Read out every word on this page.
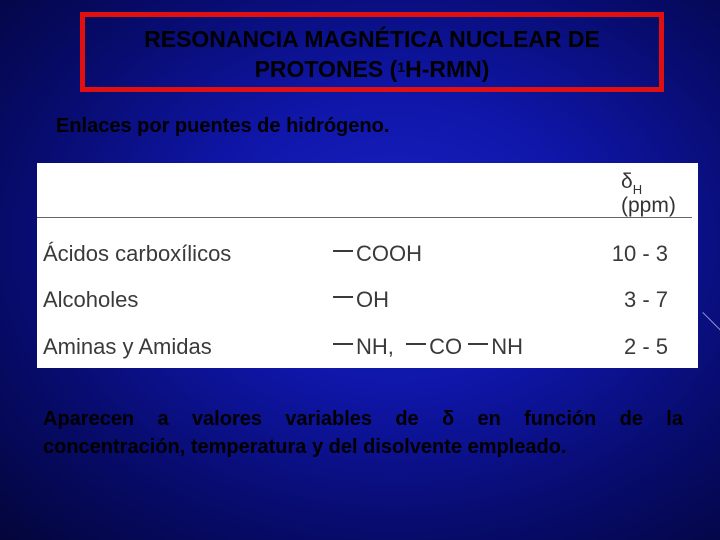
RESONANCIA MAGNÉTICA NUCLEAR DE
PROTONES ($^1$H-RMN)
Enlaces por puentes de hidrógeno.
$\delta_H$ (ppm)
Ácidos carboxílicos	COOH	10 - 3
Alcoholes	OH	3 - 7
Aminas y Amidas	NH, CO NH	2 - 5
Aparecen a valores variables de δ en función de la
concentración, temperatura y del disolvente empleado.
